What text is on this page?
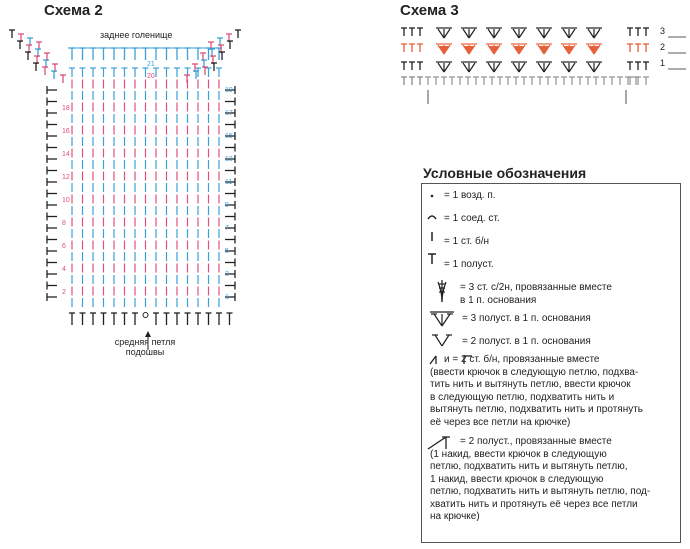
Схема 2
заднее голенище
средняя петля
подошвы
18
16
14
12
10
8
6
4
2
19
17
15
13
11
9
7
5
3
1
21
20
Схема 3
3
2
1
Условные обозначения
= 1 возд. п.
= 1 соед. ст.
= 1 ст. б/н
= 1 полуст.
= 3 ст. с/2н, провязанные вместе
в 1 п. основания
= 3 полуст. в 1 п. основания
= 2 полуст. в 1 п. основания
и = 2 ст. б/н, провязанные вместе
(ввести крючок в следующую петлю, подхва-
тить нить и вытянуть петлю, ввести крючок
в следующую петлю, подхватить нить и
вытянуть петлю, подхватить нить и протянуть
её через все петли на крючке)
= 2 полуст., провязанные вместе
(1 накид, ввести крючок в следующую
петлю, подхватить нить и вытянуть петлю,
1 накид, ввести крючок в следующую
петлю, подхватить нить и вытянуть петлю, под-
хватить нить и протянуть её через все петли
на крючке)
